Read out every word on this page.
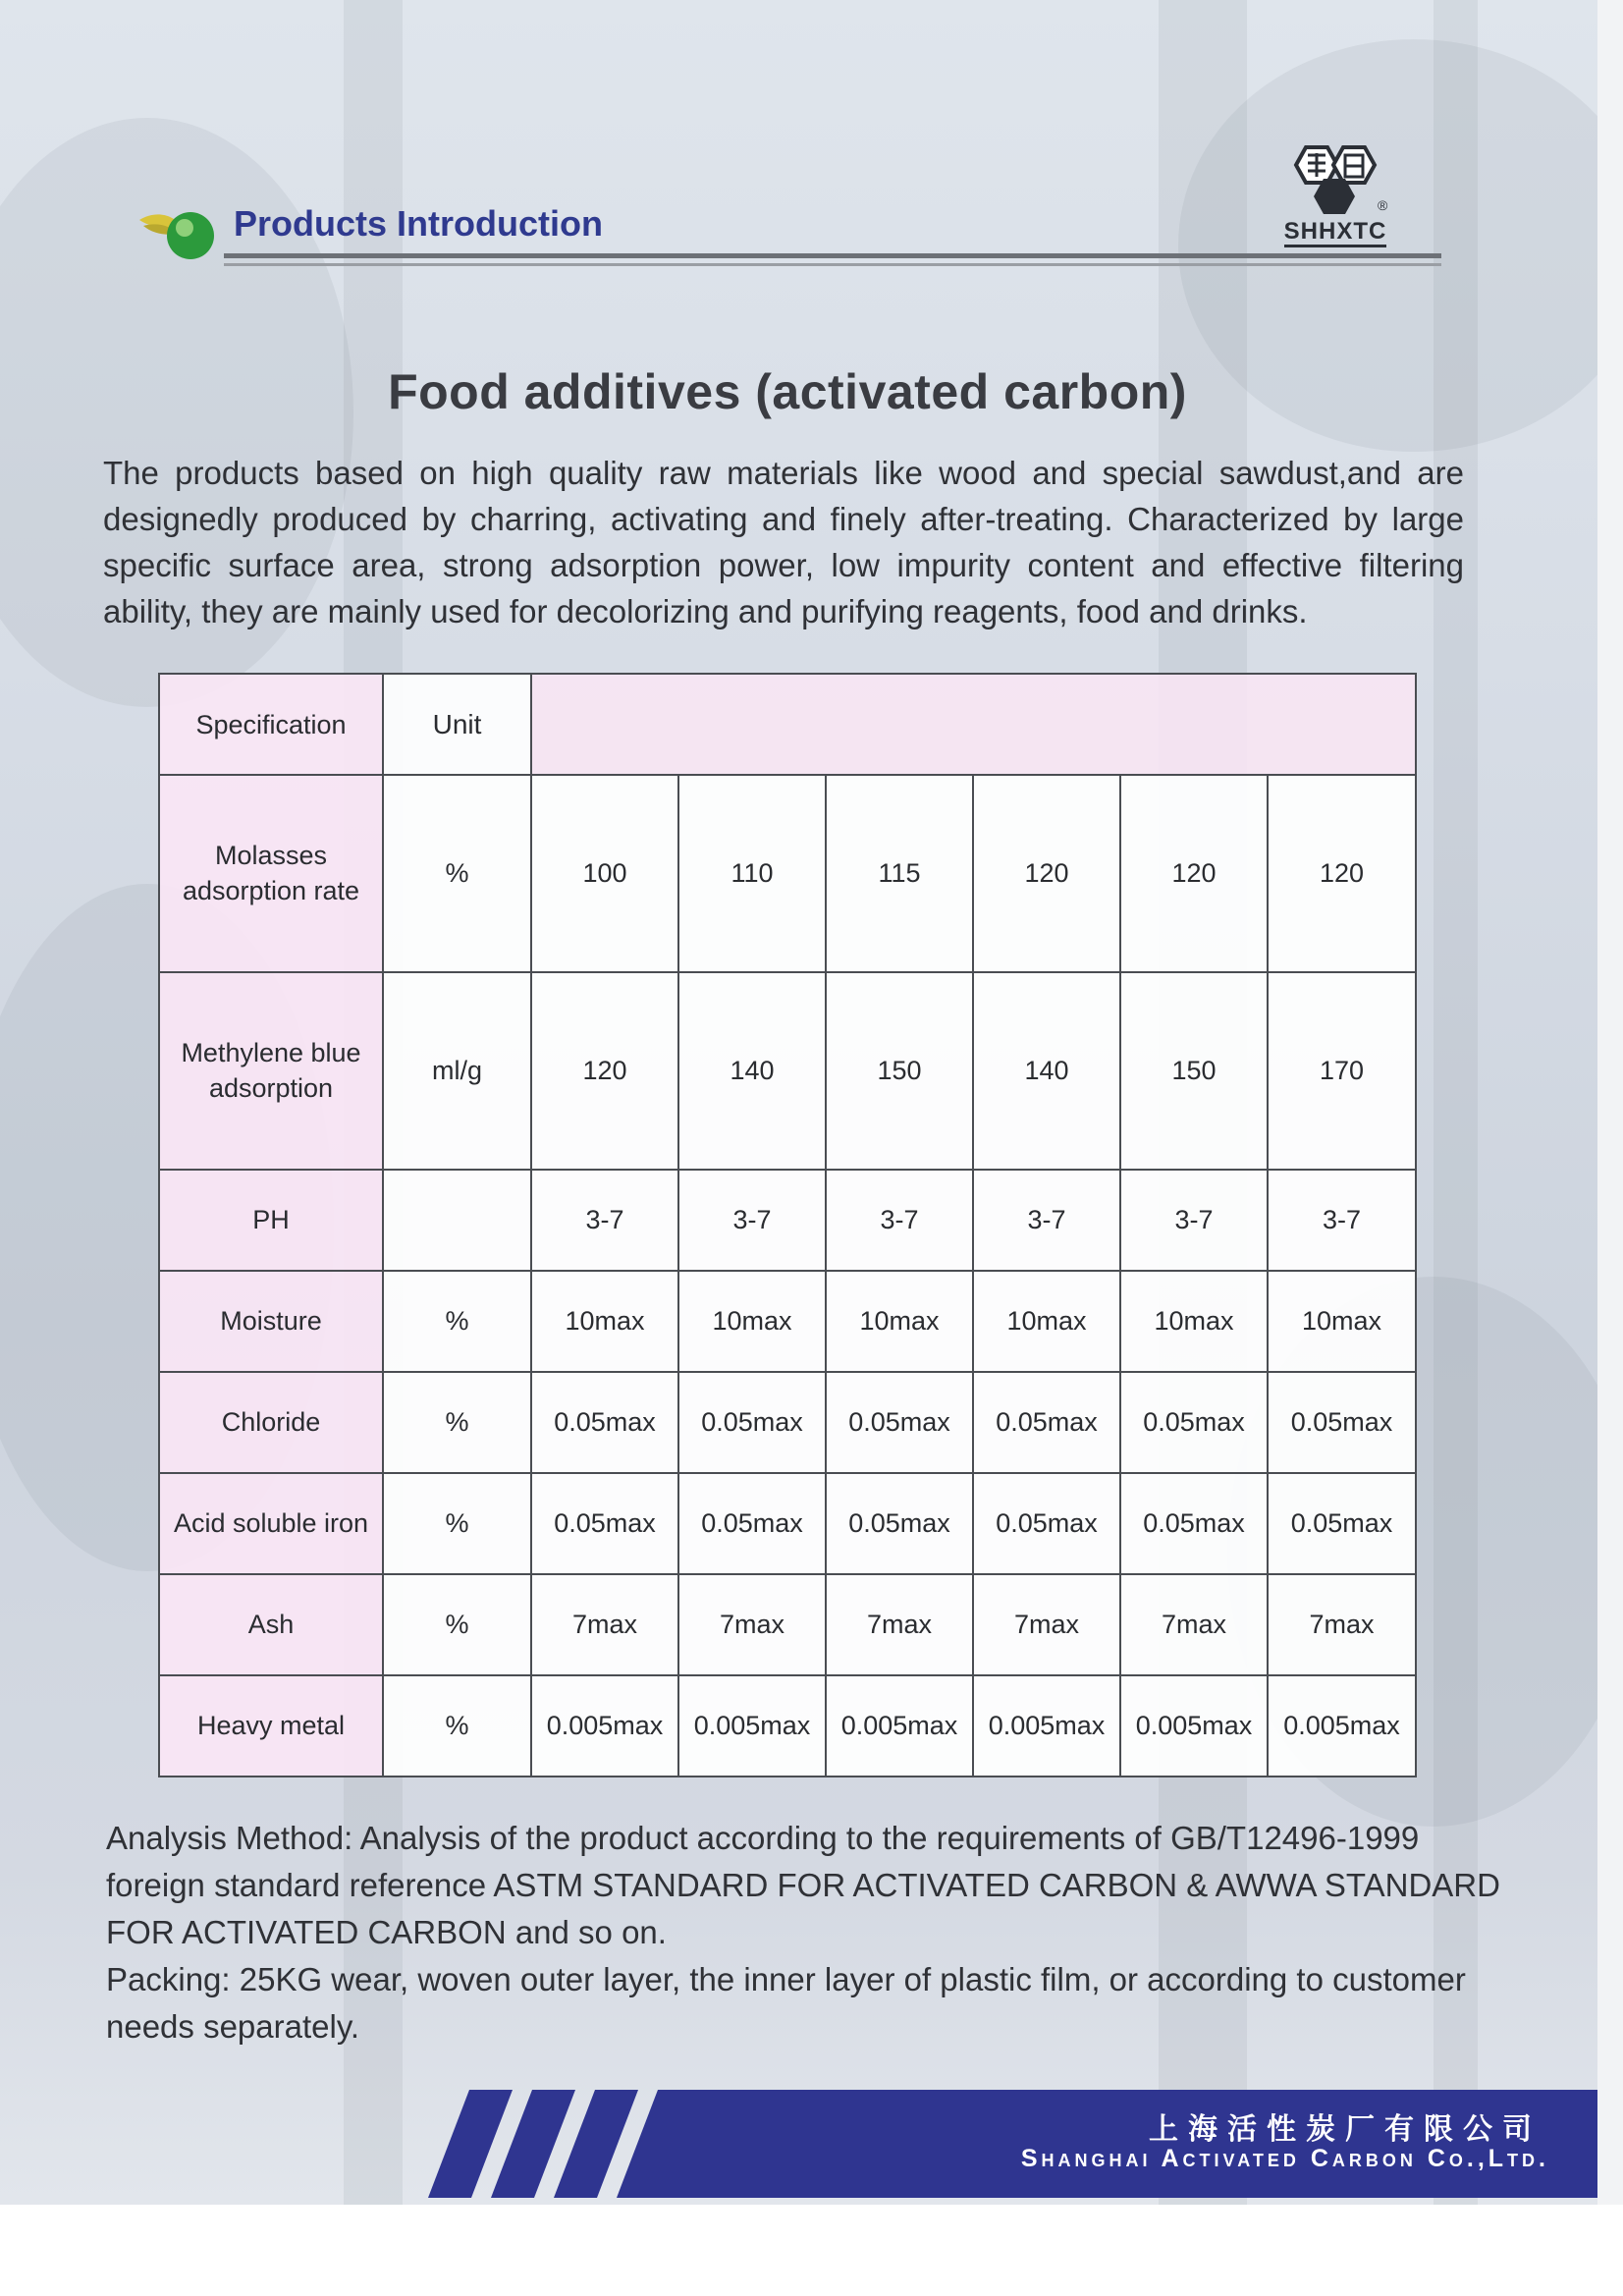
Products Introduction	®
SHHXTC
Food additives (activated carbon)
The products based on high quality raw materials like wood and special sawdust,and are designedly produced by charring, activating and finely after-treating. Characterized by large specific surface area, strong adsorption power, low impurity content and effective filtering ability, they are mainly used for decolorizing and purifying reagents, food and drinks.
Specification	Unit						
Molasses adsorption rate	%	100	110	115	120	120	120
Methylene blue adsorption	ml/g	120	140	150	140	150	170
PH		3-7	3-7	3-7	3-7	3-7	3-7
Moisture	%	10max	10max	10max	10max	10max	10max
Chloride	%	0.05max	0.05max	0.05max	0.05max	0.05max	0.05max
Acid soluble iron	%	0.05max	0.05max	0.05max	0.05max	0.05max	0.05max
Ash	%	7max	7max	7max	7max	7max	7max
Heavy metal	%	0.005max	0.005max	0.005max	0.005max	0.005max	0.005max

Analysis Method: Analysis of the product according to the requirements of GB/T12496-1999 foreign standard reference ASTM STANDARD FOR ACTIVATED CARBON & AWWA STANDARD FOR ACTIVATED CARBON and so on.

Packing: 25KG wear, woven outer layer, the inner layer of plastic film, or according to customer needs separately.

上海活性炭厂有限公司
Shanghai Activated Carbon Co.,Ltd.
